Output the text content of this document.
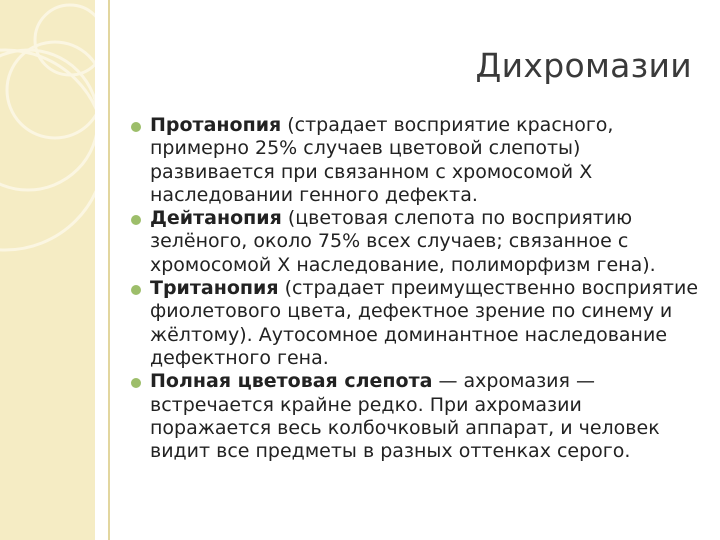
Дихромазии
Протанопия (страдает восприятие красного, примерно 25% случаев цветовой слепоты) развивается при связанном с хромосомой Х наследовании генного дефекта.
Дейтанопия (цветовая слепота по восприятию зелёного, около 75% всех случаев; связанное с хромосомой Х наследование, полиморфизм гена).
Тританопия (страдает преимущественно восприятие фиолетового цвета, дефектное зрение по синему и жёлтому). Аутосомное доминантное наследование дефектного гена.
Полная цветовая слепота — ахромазия — встречается крайне редко. При ахромазии поражается весь колбочковый аппарат, и человек видит все предметы в разных оттенках серого.
